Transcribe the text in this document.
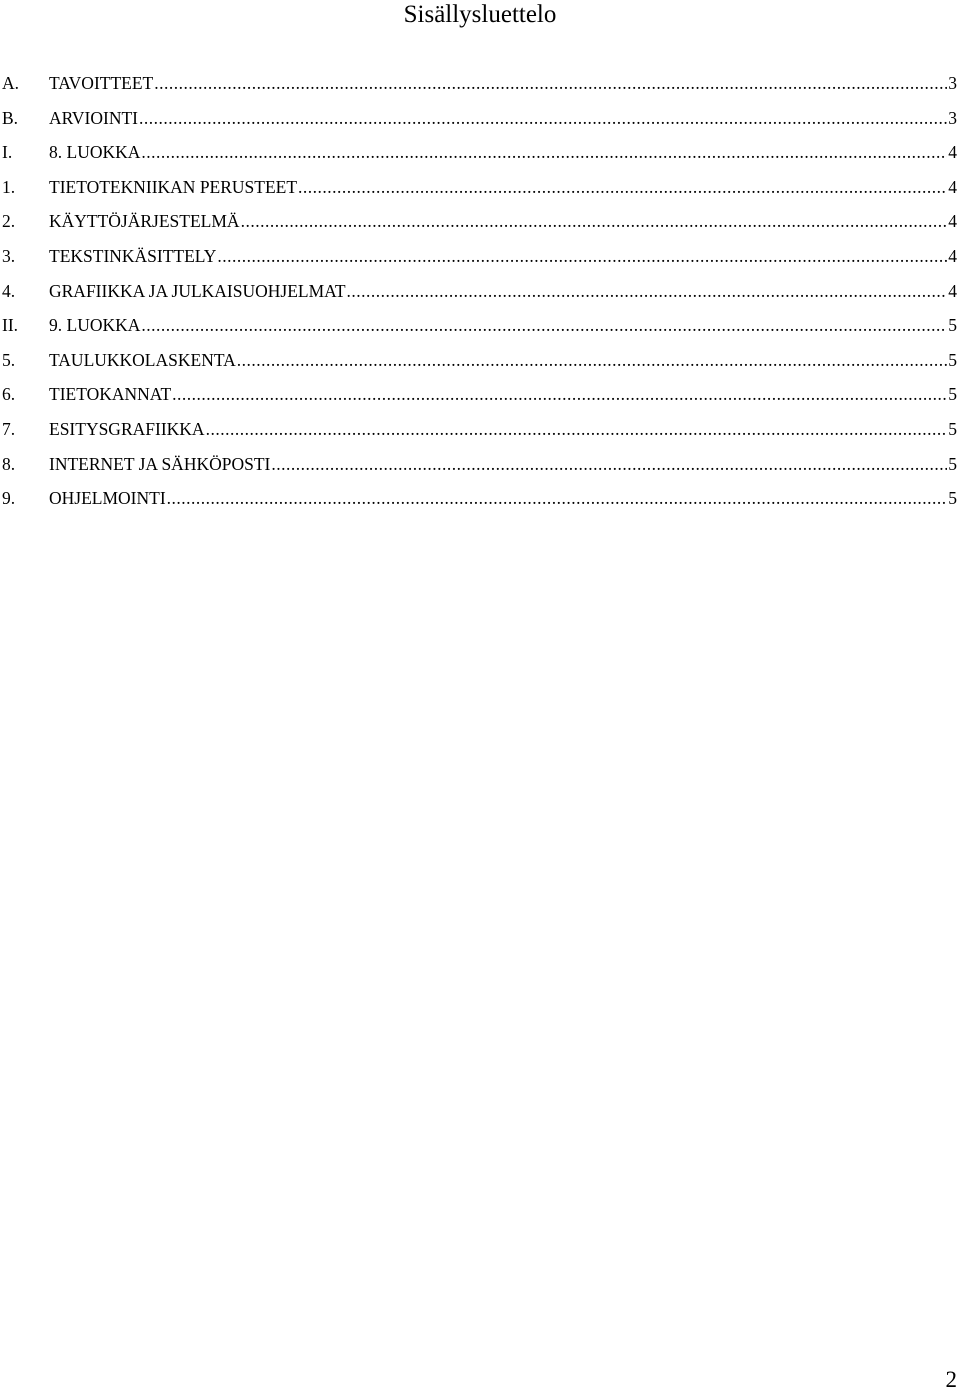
Sisällysluettelo
A.	TAVOITTEET .....	3
B.	ARVIOINTI .....	3
I.	8. LUOKKA .....	4
1.	TIETOTEKNIIKAN PERUSTEET .....	4
2.	KÄYTTÖJÄRJESTELMÄ .....	4
3.	TEKSTINKÄSITTELY .....	4
4.	GRAFIIKKA JA JULKAISUOHJELMAT .....	4
II.	9. LUOKKA .....	5
5.	TAULUKKOLASKENTA .....	5
6.	TIETOKANNAT .....	5
7.	ESITYSGRAFIIKKA .....	5
8.	INTERNET JA SÄHKÖPOSTI .....	5
9.	OHJELMOINTI .....	5
2
